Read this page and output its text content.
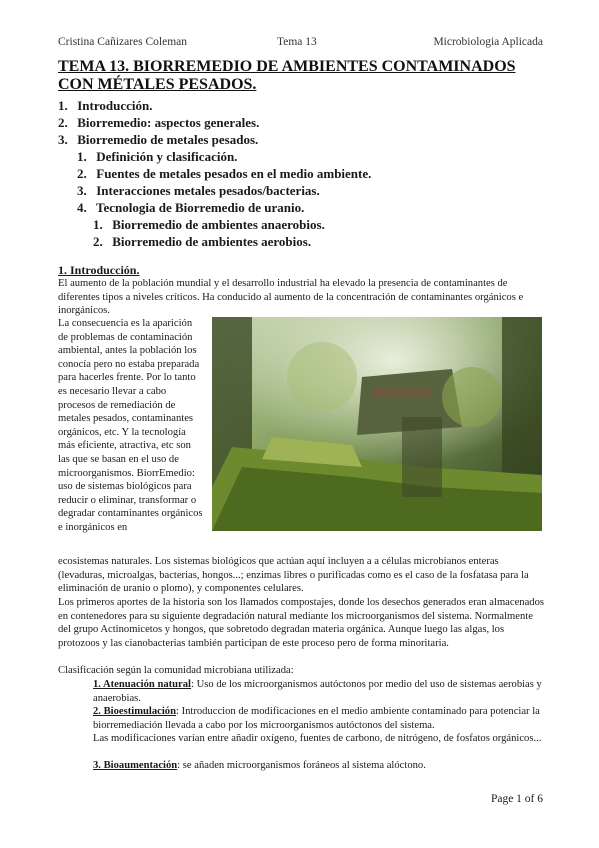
Cristina Cañizares Coleman	Tema 13	Microbiologia Aplicada
TEMA 13. BIORREMEDIO DE AMBIENTES CONTAMINADOS CON MÉTALES PESADOS.
1. Introducción.
2. Biorremedio: aspectos generales.
3. Biorremedio de metales pesados.
1. Definición y clasificación.
2. Fuentes de metales pesados en el medio ambiente.
3. Interacciones metales pesados/bacterias.
4. Tecnologia de Biorremedio de uranio.
1. Biorremedio de ambientes anaerobios.
2. Biorremedio de ambientes aerobios.
1. Introducción.

El aumento de la población mundial y el desarrollo industrial ha elevado la presencia de contaminantes de diferentes tipos a niveles críticos. Ha conducido al aumento de la concentración de contaminantes orgánicos e inorgánicos.

La consecuencia es la aparición de problemas de contaminación ambiental, antes la población los conocía pero no estaba preparada para hacerles frente. Por lo tanto es necesario llevar a cabo procesos de remediación de metales pesados, contaminantes orgánicos, etc. Y la tecnología más eficiente, atractiva, etc son las que se basan en el uso de microorganismos. BiorrEmedio: uso de sistemas biológicos para reducir o eliminar, transformar o degradar contaminantes orgánicos e inorgánicos en

ecosistemas naturales. Los sistemas biológicos que actúan aquí incluyen a a células microbianos enteras (levaduras, microalgas, bacterias, hongos...; enzimas libres o purificadas como es el caso de la fosfatasa para la eliminación de uranio o plomo), y componentes celulares.

Los primeros aportes de la historia son los llamados compostajes, donde los desechos generados eran almacenados en contenedores para su siguiente degradación natural mediante los microorganismos del sistema. Normalmente del grupo Actinomicetos y hongos, que sobretodo degradan materia orgánica. Aunque luego las algas, los protozoos y las cianobacterias también participan de este proceso pero de forma minoritaria.

Clasificación según la comunidad microbiana utilizada:

1. Atenuación natural: Uso de los microorganismos autóctonos por medio del uso de sistemas aerobias y anaerobias.

2. Bioestimulación: Introduccion de modificaciones en el medio ambiente contaminado para potenciar la biorremediación llevada a cabo por los microorganismos autóctonos del sistema.

Las modificaciones varían entre añadir oxígeno, fuentes de carbono, de nitrógeno, de fosfatos orgánicos...

3. Bioaumentación: se añaden microorganismos foráneos al sistema alóctono.

Page 1 of 6
